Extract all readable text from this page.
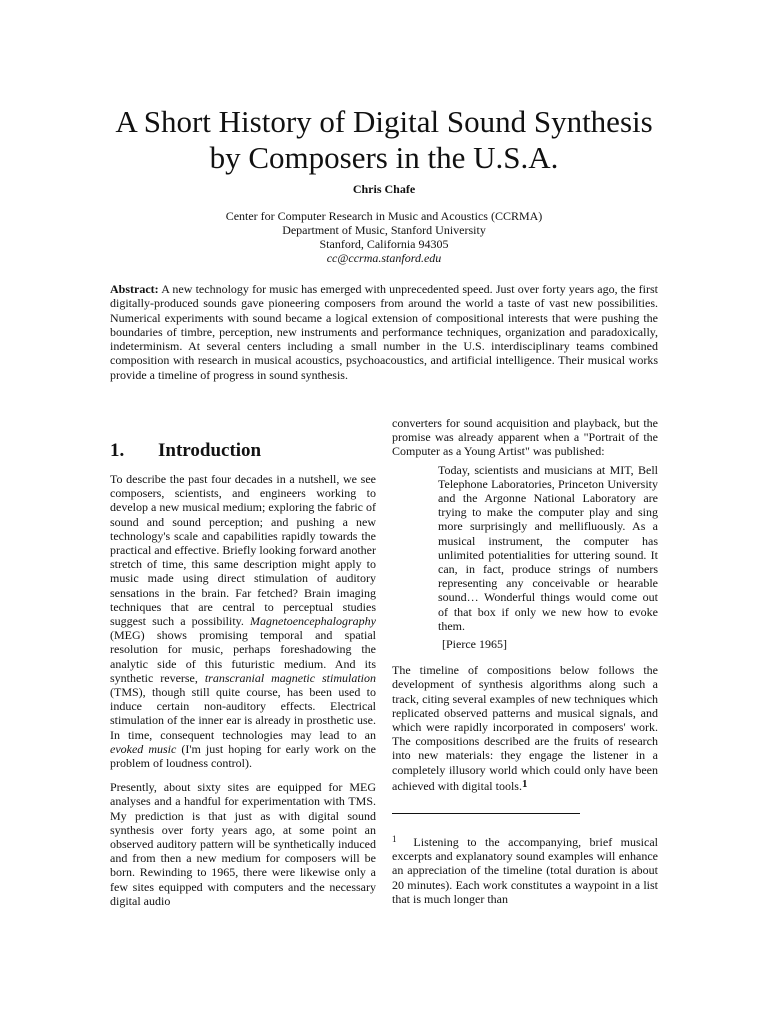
A Short History of Digital Sound Synthesis
by Composers in the U.S.A.
Chris Chafe
Center for Computer Research in Music and Acoustics (CCRMA)
Department of Music, Stanford University
Stanford, California 94305
cc@ccrma.stanford.edu

Abstract: A new technology for music has emerged with unprecedented speed. Just over forty years ago, the first digitally-produced sounds gave pioneering composers from around the world a taste of vast new possibilities. Numerical experiments with sound became a logical extension of compositional interests that were pushing the boundaries of timbre, perception, new instruments and performance techniques, organization and paradoxically, indeterminism. At several centers including a small number in the U.S. interdisciplinary teams combined composition with research in musical acoustics, psychoacoustics, and artificial intelligence. Their musical works provide a timeline of progress in sound synthesis.

1.	Introduction

To describe the past four decades in a nutshell, we see composers, scientists, and engineers working to develop a new musical medium; exploring the fabric of sound and sound perception; and pushing a new technology's scale and capabilities rapidly towards the practical and effective. Briefly looking forward another stretch of time, this same description might apply to music made using direct stimulation of auditory sensations in the brain. Far fetched? Brain imaging techniques that are central to perceptual studies suggest such a possibility. Magnetoencephalography (MEG) shows promising temporal and spatial resolution for music, perhaps foreshadowing the analytic side of this futuristic medium. And its synthetic reverse, transcranial magnetic stimulation (TMS), though still quite course, has been used to induce certain non-auditory effects. Electrical stimulation of the inner ear is already in prosthetic use. In time, consequent technologies may lead to an evoked music (I'm just hoping for early work on the problem of loudness control).

Presently, about sixty sites are equipped for MEG analyses and a handful for experimentation with TMS. My prediction is that just as with digital sound synthesis over forty years ago, at some point an observed auditory pattern will be synthetically induced and from then a new medium for composers will be born. Rewinding to 1965, there were likewise only a few sites equipped with computers and the necessary digital audio

converters for sound acquisition and playback, but the promise was already apparent when a "Portrait of the Computer as a Young Artist" was published:

Today, scientists and musicians at MIT, Bell Telephone Laboratories, Princeton University and the Argonne National Laboratory are trying to make the computer play and sing more surprisingly and mellifluously. As a musical instrument, the computer has unlimited potentialities for uttering sound. It can, in fact, produce strings of numbers representing any conceivable or hearable sound… Wonderful things would come out of that box if only we new how to evoke them.

[Pierce 1965]

The timeline of compositions below follows the development of synthesis algorithms along such a track, citing several examples of new techniques which replicated observed patterns and musical signals, and which were rapidly incorporated in composers' work. The compositions described are the fruits of research into new materials: they engage the listener in a completely illusory world which could only have been achieved with digital tools.1

$^1$ Listening to the accompanying, brief musical excerpts and explanatory sound examples will enhance an appreciation of the timeline (total duration is about 20 minutes). Each work constitutes a waypoint in a list that is much longer than
